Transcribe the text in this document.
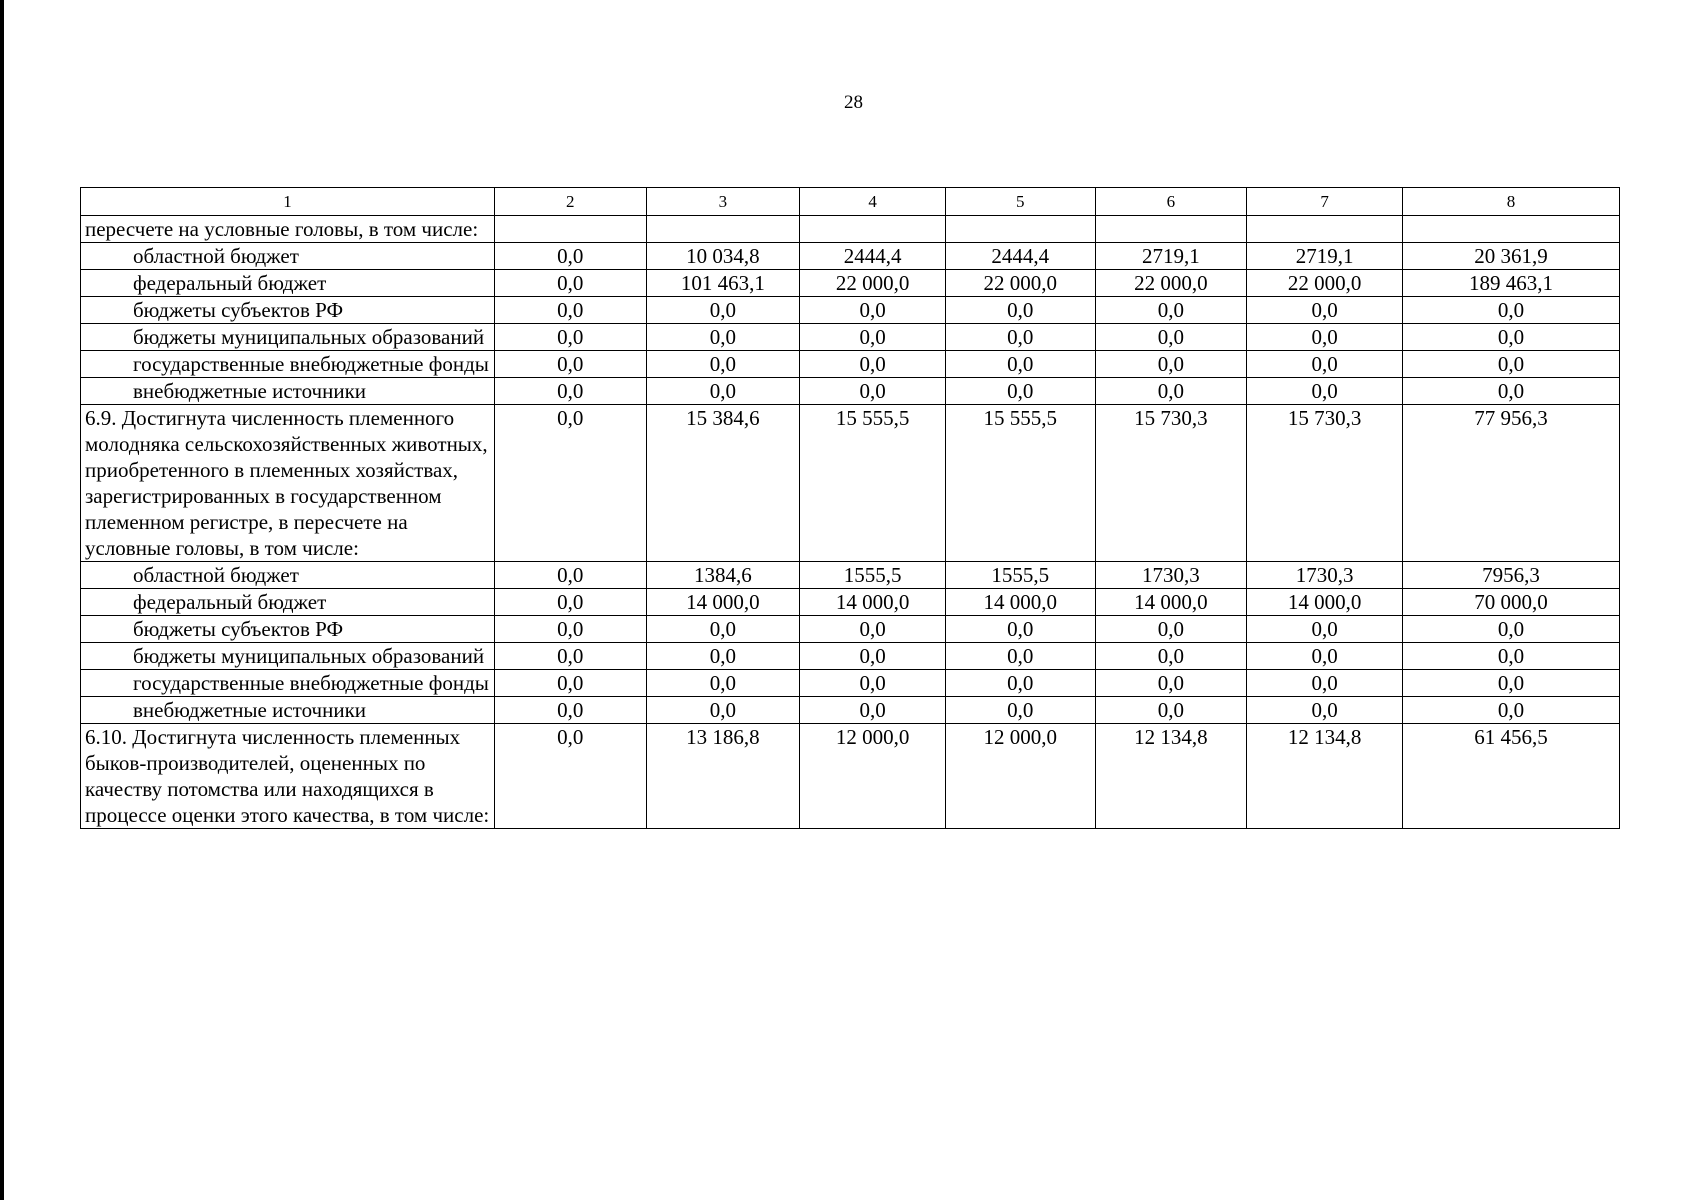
28
1	2	3	4	5	6	7	8
пересчете на условные головы, в том числе:							
областной бюджет	0,0	10 034,8	2444,4	2444,4	2719,1	2719,1	20 361,9
федеральный бюджет	0,0	101 463,1	22 000,0	22 000,0	22 000,0	22 000,0	189 463,1
бюджеты субъектов РФ	0,0	0,0	0,0	0,0	0,0	0,0	0,0
бюджеты муниципальных образований	0,0	0,0	0,0	0,0	0,0	0,0	0,0
государственные внебюджетные фонды	0,0	0,0	0,0	0,0	0,0	0,0	0,0
внебюджетные источники	0,0	0,0	0,0	0,0	0,0	0,0	0,0
6.9. Достигнута численность племенного молодняка сельскохозяйственных животных, приобретенного в племенных хозяйствах, зарегистрированных в государственном племенном регистре, в пересчете на условные головы, в том числе:	0,0	15 384,6	15 555,5	15 555,5	15 730,3	15 730,3	77 956,3
областной бюджет	0,0	1384,6	1555,5	1555,5	1730,3	1730,3	7956,3
федеральный бюджет	0,0	14 000,0	14 000,0	14 000,0	14 000,0	14 000,0	70 000,0
бюджеты субъектов РФ	0,0	0,0	0,0	0,0	0,0	0,0	0,0
бюджеты муниципальных образований	0,0	0,0	0,0	0,0	0,0	0,0	0,0
государственные внебюджетные фонды	0,0	0,0	0,0	0,0	0,0	0,0	0,0
внебюджетные источники	0,0	0,0	0,0	0,0	0,0	0,0	0,0
6.10. Достигнута численность племенных быков-производителей, оцененных по качеству потомства или находящихся в процессе оценки этого качества, в том числе:	0,0	13 186,8	12 000,0	12 000,0	12 134,8	12 134,8	61 456,5
